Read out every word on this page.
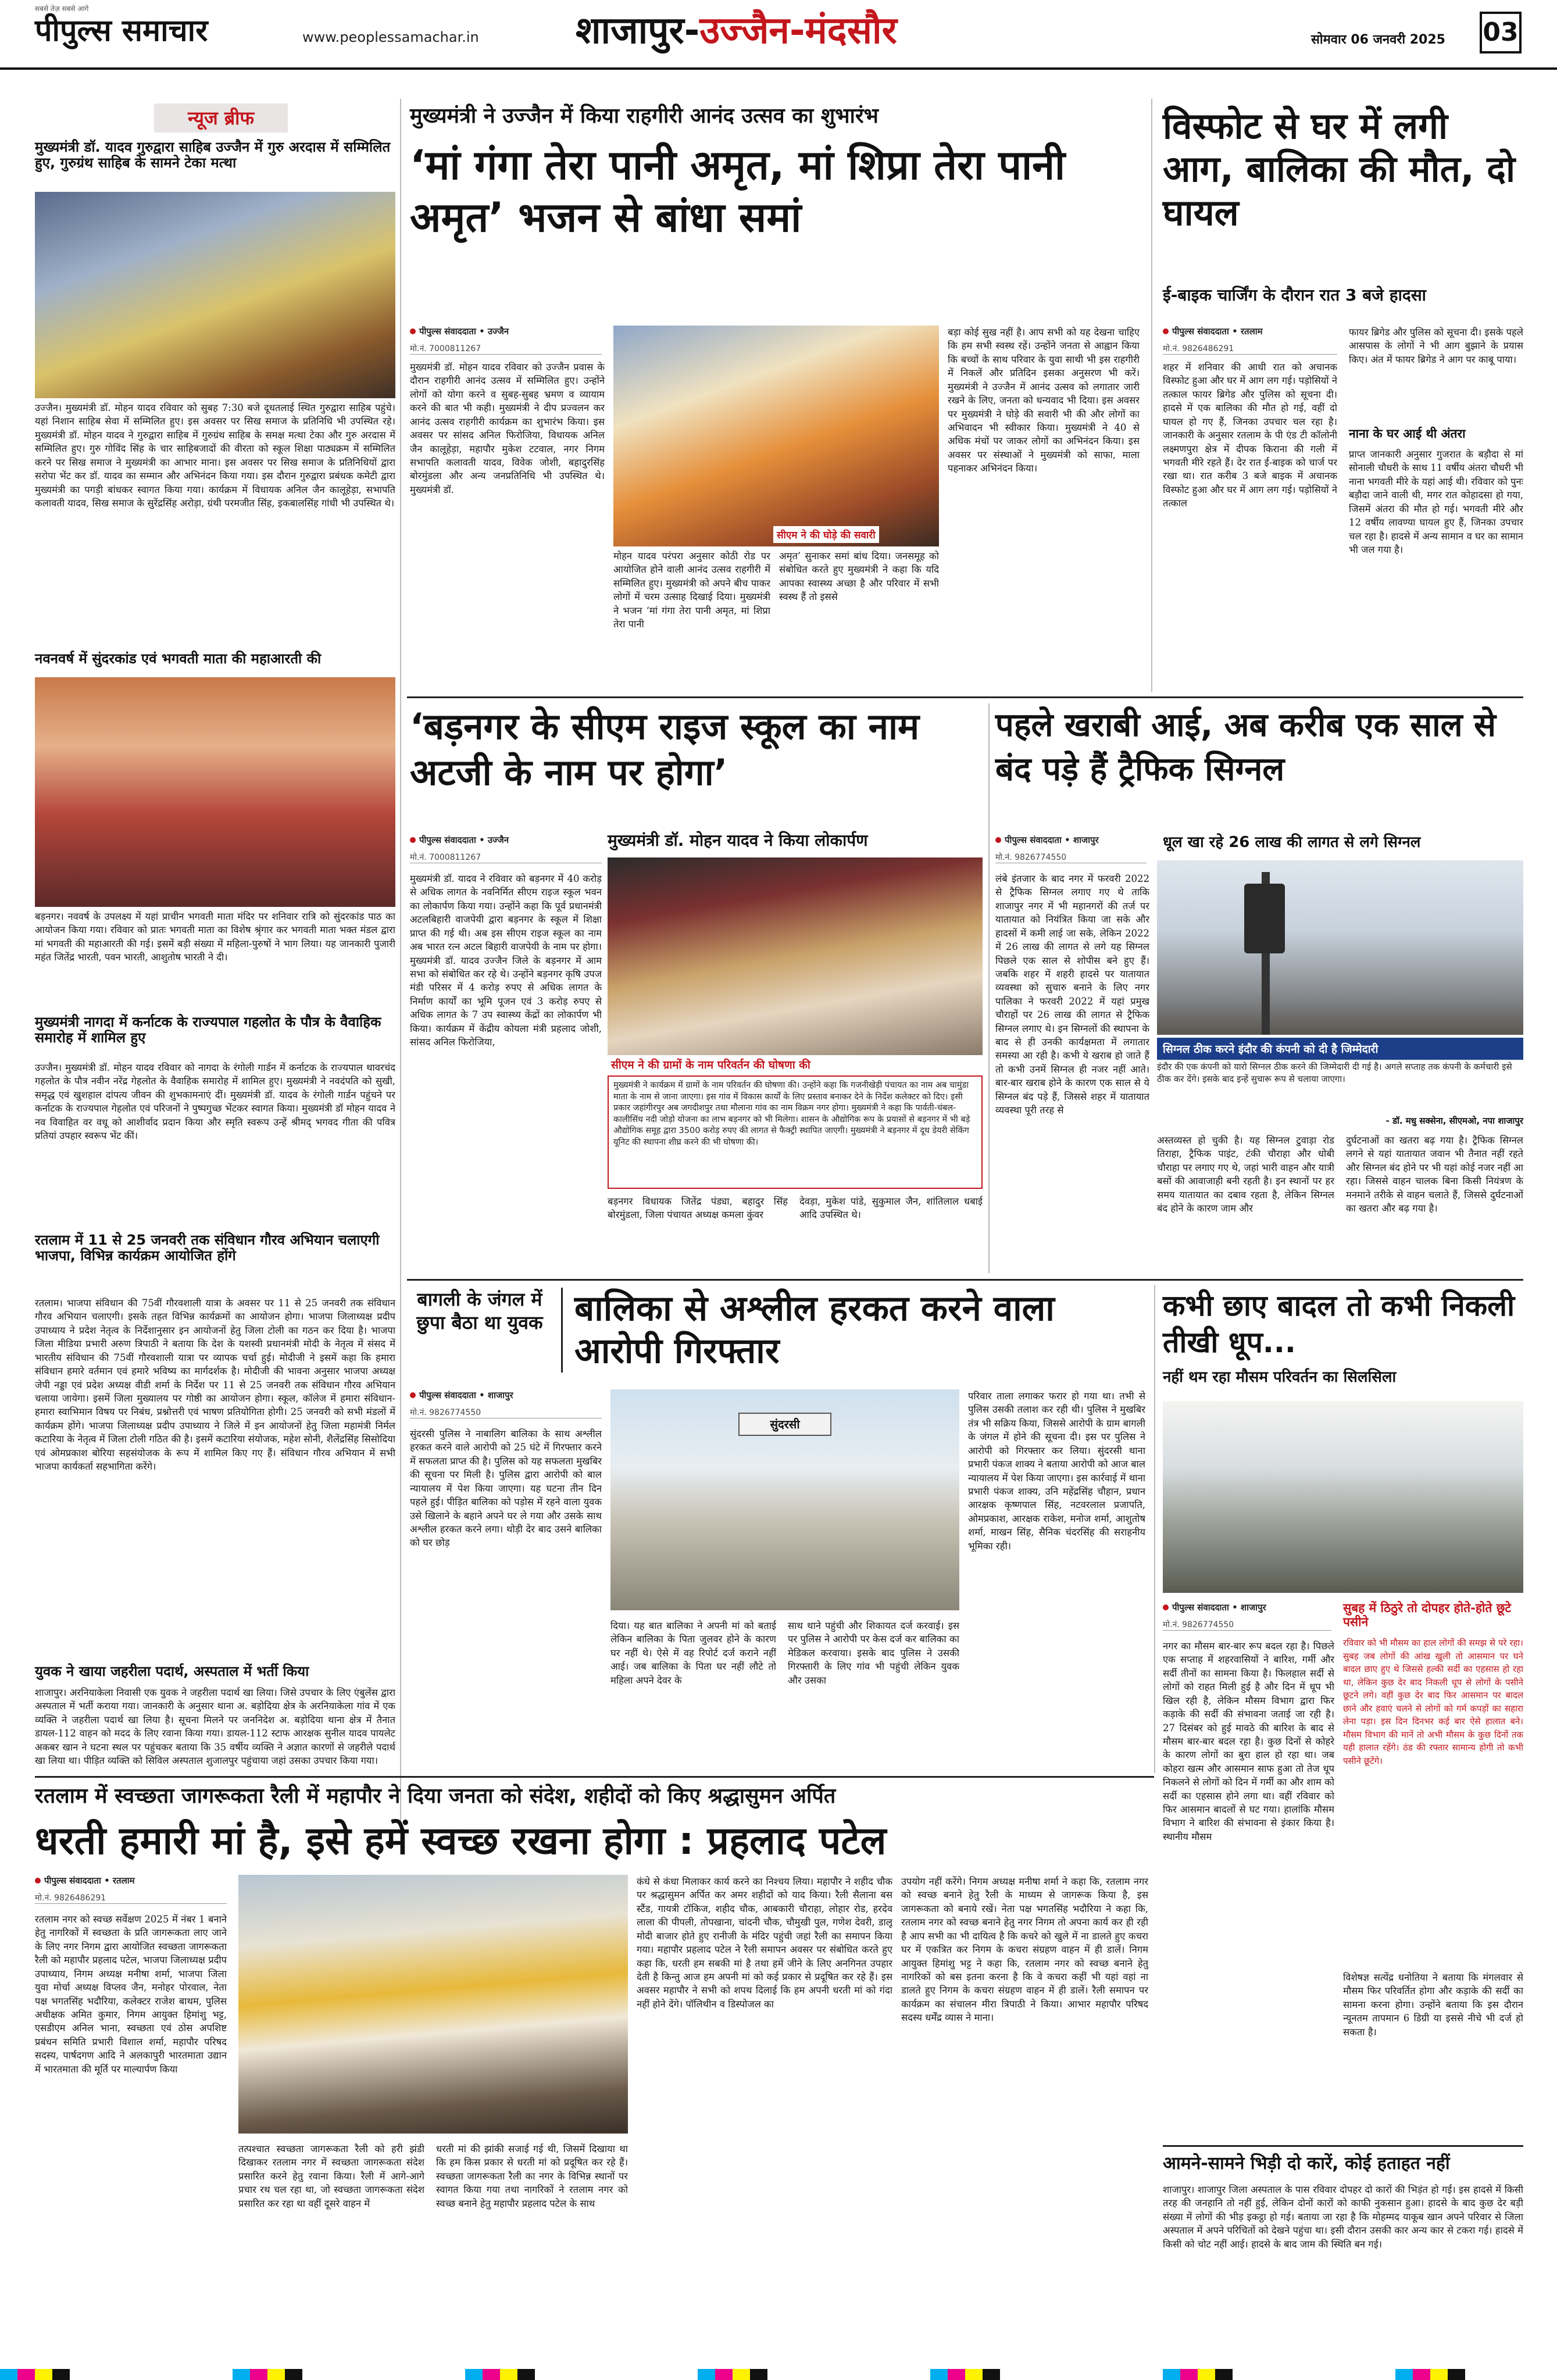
सबसे तेज़ सबसे आगे
पीपुल्स समाचार	www.peoplessamachar.in	शाजापुर-उज्जैन-मंदसौर	सोमवार 06 जनवरी 2025 03
न्यूज ब्रीफ
मुख्यमंत्री डॉ. यादव गुरुद्वारा साहिब उज्जैन में गुरु अरदास में सम्मिलित हुए, गुरुग्रंथ साहिब के सामने टेका मत्था
उज्जैन। मुख्यमंत्री डॉ. मोहन यादव रविवार को सुबह 7:30 बजे दूधतलाई स्थित गुरुद्वारा साहिब पहुंचे। यहां निशान साहिब सेवा में सम्मिलित हुए। इस अवसर पर सिख समाज के प्रतिनिधि भी उपस्थित रहे। मुख्यमंत्री डॉ. मोहन यादव ने गुरुद्वारा साहिब में गुरुग्रंथ साहिब के समक्ष मत्था टेका और गुरु अरदास में सम्मिलित हुए। गुरु गोविंद सिंह के चार साहिबजादों की वीरता को स्कूल शिक्षा पाठ्यक्रम में सम्मिलित करने पर सिख समाज ने मुख्यमंत्री का आभार माना। इस अवसर पर सिख समाज के प्रतिनिधियों द्वारा सरोपा भेंट कर डॉ. यादव का सम्मान और अभिनंदन किया गया। इस दौरान गुरुद्वारा प्रबंधक कमेटी द्वारा मुख्यमंत्री का पगड़ी बांधकर स्वागत किया गया। कार्यक्रम में विधायक अनिल जैन कालूहेड़ा, सभापति कलावती यादव, सिख समाज के सुरेंद्रसिंह अरोड़ा, ग्रंथी परमजीत सिंह, इकबालसिंह गांधी भी उपस्थित थे।
नवनवर्ष में सुंदरकांड एवं भगवती माता की महाआरती की
बड़नगर। नववर्ष के उपलक्ष्य में यहां प्राचीन भगवती माता मंदिर पर शनिवार रात्रि को सुंदरकांड पाठ का आयोजन किया गया। रविवार को प्रातः भगवती माता का विशेष श्रृंगार कर भगवती माता भक्त मंडल द्वारा मां भगवती की महाआरती की गई। इसमें बड़ी संख्या में महिला-पुरुषों ने भाग लिया। यह जानकारी पुजारी महंत जितेंद्र भारती, पवन भारती, आशुतोष भारती ने दी।
मुख्यमंत्री नागदा में कर्नाटक के राज्यपाल गहलोत के पौत्र के वैवाहिक समारोह में शामिल हुए
उज्जैन। मुख्यमंत्री डॉ. मोहन यादव रविवार को नागदा के रंगोली गार्डन में कर्नाटक के राज्यपाल थावरचंद गहलोत के पौत्र नवीन नरेंद्र गेहलोत के वैवाहिक समारोह में शामिल हुए। मुख्यमंत्री ने नवदंपति को सुखी, समृद्ध एवं खुशहाल दांपत्य जीवन की शुभकामनाएं दीं। मुख्यमंत्री डॉ. यादव के रंगोली गार्डन पहुंचने पर कर्नाटक के राज्यपाल गेहलोत एवं परिजनों ने पुष्पगुच्छ भेंटकर स्वागत किया। मुख्यमंत्री डॉ मोहन यादव ने नव विवाहित वर वधू को आशीर्वाद प्रदान किया और स्मृति स्वरूप उन्हें श्रीमद् भगवद गीता की पवित्र प्रतियां उपहार स्वरूप भेंट कीं।
रतलाम में 11 से 25 जनवरी तक संविधान गौरव अभियान चलाएगी भाजपा, विभिन्न कार्यक्रम आयोजित होंगे
रतलाम। भाजपा संविधान की 75वीं गौरवशाली यात्रा के अवसर पर 11 से 25 जनवरी तक संविधान गौरव अभियान चलाएगी। इसके तहत विभिन्न कार्यक्रमों का आयोजन होगा। भाजपा जिलाध्यक्ष प्रदीप उपाध्याय ने प्रदेश नेतृत्व के निर्देशानुसार इन आयोजनों हेतु जिला टोली का गठन कर दिया है। भाजपा जिला मीडिया प्रभारी अरुण त्रिपाठी ने बताया कि देश के यशस्वी प्रधानमंत्री मोदी के नेतृत्व में संसद में भारतीय संविधान की 75वीं गौरवशाली यात्रा पर व्यापक चर्चा हुई। मोदीजी ने इसमें कहा कि हमारा संविधान हमारे वर्तमान एवं हमारे भविष्य का मार्गदर्शक है। मोदीजी की भावना अनुसार भाजपा अध्यक्ष जेपी नड्डा एवं प्रदेश अध्यक्ष वीडी शर्मा के निर्देश पर 11 से 25 जनवरी तक संविधान गौरव अभियान चलाया जायेगा। इसमें जिला मुख्यालय पर गोष्ठी का आयोजन होगा। स्कूल, कॉलेज में हमारा संविधान-हमारा स्वाभिमान विषय पर निबंध, प्रश्नोत्तरी एवं भाषण प्रतियोगिता होगी। 25 जनवरी को सभी मंडलों में कार्यक्रम होंगे। भाजपा जिलाध्यक्ष प्रदीप उपाध्याय ने जिले में इन आयोजनों हेतु जिला महामंत्री निर्मल कटारिया के नेतृत्व में जिला टोली गठित की है। इसमें कटारिया संयोजक, महेश सोनी, शैलेंद्रसिंह सिसोदिया एवं ओमप्रकाश बोरिया सहसंयोजक के रूप में शामिल किए गए हैं। संविधान गौरव अभियान में सभी भाजपा कार्यकर्ता सहभागिता करेंगे।
युवक ने खाया जहरीला पदार्थ, अस्पताल में भर्ती किया
शाजापुर। अरनियाकेला निवासी एक युवक ने जहरीला पदार्थ खा लिया। जिसे उपचार के लिए एंबुलेंस द्वारा अस्पताल में भर्ती कराया गया। जानकारी के अनुसार थाना अ. बड़ोदिया क्षेत्र के अरनियाकेला गांव में एक व्यक्ति ने जहरीला पदार्थ खा लिया है। सूचना मिलने पर जननिदेश अ. बड़ोदिया थाना क्षेत्र में तैनात डायल-112 वाहन को मदद के लिए रवाना किया गया। डायल-112 स्टाफ आरक्षक सुनील यादव पायलेट अकबर खान ने घटना स्थल पर पहुंचकर बताया कि 35 वर्षीय व्यक्ति ने अज्ञात कारणों से जहरीले पदार्थ खा लिया था। पीड़ित व्यक्ति को सिविल अस्पताल शुजालपुर पहुंचाया जहां उसका उपचार किया गया।
मुख्यमंत्री ने उज्जैन में किया राहगीरी आनंद उत्सव का शुभारंभ
‘मां गंगा तेरा पानी अमृत, मां शिप्रा तेरा पानी अमृत’ भजन से बांधा समां
पीपुल्स संवाददाता • उज्जैन
मो.नं. 7000811267
मुख्यमंत्री डॉ. मोहन यादव रविवार को उज्जैन प्रवास के दौरान राहगीरी आनंद उत्सव में सम्मिलित हुए। उन्होंने लोगों को योगा करने व सुबह-सुबह भ्रमण व व्यायाम करने की बात भी कही। मुख्यमंत्री ने दीप प्रज्वलन कर आनंद उत्सव राहगीरी कार्यक्रम का शुभारंभ किया। इस अवसर पर सांसद अनिल फिरोजिया, विधायक अनिल जैन कालूहेड़ा, महापौर मुकेश टटवाल, नगर निगम सभापति कलावती यादव, विवेक जोशी, बहादुरसिंह बोरमुंडला और अन्य जनप्रतिनिधि भी उपस्थित थे। मुख्यमंत्री डॉ.
सीएम ने की घोड़े की सवारी
मोहन यादव परंपरा अनुसार कोठी रोड पर आयोजित होने वाली आनंद उत्सव राहगीरी में सम्मिलित हुए। मुख्यमंत्री को अपने बीच पाकर लोगों में चरम उत्साह दिखाई दिया। मुख्यमंत्री ने भजन ‘मां गंगा तेरा पानी अमृत, मां शिप्रा तेरा पानी
अमृत’ सुनाकर समां बांध दिया। जनसमूह को संबोधित करते हुए मुख्यमंत्री ने कहा कि यदि आपका स्वास्थ्य अच्छा है और परिवार में सभी स्वस्थ हैं तो इससे
बड़ा कोई सुख नहीं है। आप सभी को यह देखना चाहिए कि हम सभी स्वस्थ रहें। उन्होंने जनता से आह्वान किया कि बच्चों के साथ परिवार के युवा साथी भी इस राहगीरी में निकलें और प्रतिदिन इसका अनुसरण भी करें। मुख्यमंत्री ने उज्जैन में आनंद उत्सव को लगातार जारी रखने के लिए, जनता को धन्यवाद भी दिया। इस अवसर पर मुख्यमंत्री ने घोड़े की सवारी भी की और लोगों का अभिवादन भी स्वीकार किया। मुख्यमंत्री ने 40 से अधिक मंचों पर जाकर लोगों का अभिनंदन किया। इस अवसर पर संस्थाओं ने मुख्यमंत्री को साफा, माला पहनाकर अभिनंदन किया।
विस्फोट से घर में लगी आग, बालिका की मौत, दो घायल
ई-बाइक चार्जिंग के दौरान रात 3 बजे हादसा
पीपुल्स संवाददाता • रतलाम
मो.नं. 9826486291
शहर में शनिवार की आधी रात को अचानक विस्फोट हुआ और घर में आग लग गई। पड़ोसियों ने तत्काल फायर ब्रिगेड और पुलिस को सूचना दी। हादसे में एक बालिका की मौत हो गई, वहीं दो घायल हो गए हैं, जिनका उपचार चल रहा है। जानकारी के अनुसार रतलाम के पी एंड टी कॉलोनी लक्ष्मणपुरा क्षेत्र में दीपक किराना की गली में भगवती मीरे रहते हैं। देर रात ई-बाइक को चार्ज पर रखा था। रात करीब 3 बजे बाइक में अचानक विस्फोट हुआ और घर में आग लग गई। पड़ोसियों ने तत्काल
फायर ब्रिगेड और पुलिस को सूचना दी। इसके पहले आसपास के लोगों ने भी आग बुझाने के प्रयास किए। अंत में फायर ब्रिगेड ने आग पर काबू पाया।
नाना के घर आई थी अंतरा
प्राप्त जानकारी अनुसार गुजरात के बड़ौदा से मां सोनाली चौधरी के साथ 11 वर्षीय अंतरा चौधरी भी नाना भगवती मीरे के यहां आई थी। रविवार को पुनः बड़ौदा जाने वाली थी, मगर रात कोहादसा हो गया, जिसमें अंतरा की मौत हो गई। भगवती मीरे और 12 वर्षीय लावण्या घायल हुए हैं, जिनका उपचार चल रहा है। हादसे में अन्य सामान व घर का सामान भी जल गया है।
‘बड़नगर के सीएम राइज स्कूल का नाम अटजी के नाम पर होगा’
मुख्यमंत्री डॉ. मोहन यादव ने किया लोकार्पण
पीपुल्स संवाददाता • उज्जैन
मो.नं. 7000811267
मुख्यमंत्री डॉ. यादव ने रविवार को बड़नगर में 40 करोड़ से अधिक लागत के नवनिर्मित सीएम राइज स्कूल भवन का लोकार्पण किया गया। उन्होंने कहा कि पूर्व प्रधानमंत्री अटलबिहारी वाजपेयी द्वारा बड़नगर के स्कूल में शिक्षा प्राप्त की गई थी। अब इस सीएम राइज स्कूल का नाम अब भारत रत्न अटल बिहारी वाजपेयी के नाम पर होगा। मुख्यमंत्री डॉ. यादव उज्जैन जिले के बड़नगर में आम सभा को संबोधित कर रहे थे। उन्होंने बड़नगर कृषि उपज मंडी परिसर में 4 करोड़ रुपए से अधिक लागत के निर्माण कार्यों का भूमि पूजन एवं 3 करोड़ रुपए से अधिक लागत के 7 उप स्वास्थ्य केंद्रों का लोकार्पण भी किया। कार्यक्रम में केंद्रीय कोयला मंत्री प्रहलाद जोशी, सांसद अनिल फिरोजिया,
सीएम ने की ग्रामों के नाम परिवर्तन की घोषणा की
मुख्यमंत्री ने कार्यक्रम में ग्रामों के नाम परिवर्तन की घोषणा की। उन्होंने कहा कि गजनीखेड़ी पंचायत का नाम अब चामुंडा माता के नाम से जाना जाएगा। इस गांव में विकास कार्यों के लिए प्रस्ताव बनाकर देने के निर्देश कलेक्टर को दिए। इसी प्रकार जहांगीरपुर अब जगदीशपुर तथा मौलाना गांव का नाम विक्रम नगर होगा। मुख्यमंत्री ने कहा कि पार्वती-चंबल-कालीसिंध नदी जोड़ो योजना का लाभ बड़नगर को भी मिलेगा। शासन के औद्योगिक रूप के प्रयासों से बड़नगर में भी बड़े औद्योगिक समूह द्वारा 3500 करोड़ रुपए की लागत से फैक्ट्री स्थापित जाएगी। मुख्यमंत्री ने बड़नगर में दूध डेयरी सेकिंग यूनिट की स्थापना शीघ्र करने की भी घोषणा की।
बड़नगर विधायक जितेंद्र पंड्या, बहादुर सिंह बोरमुंडला, जिला पंचायत अध्यक्ष कमला कुंवर
देवड़ा, मुकेश पांडे, सुकुमाल जैन, शांतिलाल धबाई आदि उपस्थित थे।
पहले खराबी आई, अब करीब एक साल से बंद पड़े हैं ट्रैफिक सिग्नल
पीपुल्स संवाददाता • शाजापुर
मो.नं. 9826774550
धूल खा रहे 26 लाख की लागत से लगे सिग्नल
लंबे इंतजार के बाद नगर में फरवरी 2022 से ट्रैफिक सिग्नल लगाए गए थे ताकि शाजापुर नगर में भी महानगरों की तर्ज पर यातायात को नियंत्रित किया जा सके और हादसों में कमी लाई जा सके, लेकिन 2022 में 26 लाख की लागत से लगे यह सिग्नल पिछले एक साल से शोपीस बने हुए हैं। जबकि शहर में शहरी हादसे पर यातायात व्यवस्था को सुचारु बनाने के लिए नगर पालिका ने फरवरी 2022 में यहां प्रमुख चौराहों पर 26 लाख की लागत से ट्रैफिक सिग्नल लगाए थे। इन सिग्नलों की स्थापना के बाद से ही उनकी कार्यक्षमता में लगातार समस्या आ रही है। कभी ये खराब हो जाते हैं तो कभी उनमें सिग्नल ही नजर नहीं आते। बार-बार खराब होने के कारण एक साल से ये सिग्नल बंद पड़े हैं, जिससे शहर में यातायात व्यवस्था पूरी तरह से
सिग्नल ठीक करने इंदौर की कंपनी को दी है जिम्मेदारी
इंदौर की एक कंपनी को यारो सिग्नल ठीक करने की जिम्मेदारी दी गई है। अगले सप्ताह तक कंपनी के कर्मचारी इसे ठीक कर देंगे। इसके बाद इन्हें सुचारू रूप से चलाया जाएगा।
- डॉ. मधु सक्सेना, सीएमओ, नपा शाजापुर
अस्तव्यस्त हो चुकी है। यह सिग्नल टुवाड़ा रोड तिराहा, ट्रैफिक पाइंट, टंकी चौराहा और धोबी चौराहा पर लगाए गए थे, जहां भारी वाहन और यात्री बसों की आवाजाही बनी रहती है। इन स्थानों पर हर समय यातायात का दबाव रहता है, लेकिन सिग्नल बंद होने के कारण जाम और
दुर्घटनाओं का खतरा बढ़ गया है। ट्रैफिक सिग्नल लगने से यहां यातायात जवान भी तैनात नहीं रहते और सिग्नल बंद होने पर भी यहां कोई नजर नहीं आ रहा। जिससे वाहन चालक बिना किसी नियंत्रण के मनमाने तरीके से वाहन चलाते हैं, जिससे दुर्घटनाओं का खतरा और बढ़ गया है।
बागली के जंगल में छुपा बैठा था युवक बालिका से अश्लील हरकत करने वाला आरोपी गिरफ्तार
पीपुल्स संवाददाता • शाजापुर
मो.नं. 9826774550
सुंदरसी पुलिस ने नाबालिग बालिका के साथ अश्लील हरकत करने वाले आरोपी को 25 घंटे में गिरफ्तार करने में सफलता प्राप्त की है। पुलिस को यह सफलता मुखबिर की सूचना पर मिली है। पुलिस द्वारा आरोपी को बाल न्यायालय में पेश किया जाएगा। यह घटना तीन दिन पहले हुई। पीड़ित बालिका को पड़ोस में रहने वाला युवक उसे खिलाने के बहाने अपने घर ले गया और उसके साथ अश्लील हरकत करने लगा। थोड़ी देर बाद उसने बालिका को घर छोड़
सुंदरसी
दिया। यह बात बालिका ने अपनी मां को बताई लेकिन बालिका के पिता जुलवर होने के कारण घर नहीं थे। ऐसे में वह रिपोर्ट दर्ज कराने नहीं आई। जब बालिका के पिता घर नहीं लौटे तो महिला अपने देवर के
साथ थाने पहुंची और शिकायत दर्ज करवाई। इस पर पुलिस ने आरोपी पर केस दर्ज कर बालिका का मेडिकल करवाया। इसके बाद पुलिस ने उसकी गिरफ्तारी के लिए गांव भी पहुंची लेकिन युवक और उसका
परिवार ताला लगाकर फरार हो गया था। तभी से पुलिस उसकी तलाश कर रही थी। पुलिस ने मुखबिर तंत्र भी सक्रिय किया, जिससे आरोपी के ग्राम बागली के जंगल में होने की सूचना दी। इस पर पुलिस ने आरोपी को गिरफ्तार कर लिया। सुंदरसी थाना प्रभारी पंकज शाक्य ने बताया आरोपी को आज बाल न्यायालय में पेश किया जाएगा। इस कार्रवाई में थाना प्रभारी पंकज शाक्य, उनि महेंद्रसिंह चौहान, प्रधान आरक्षक कृष्णपाल सिंह, नटवरलाल प्रजापति, ओमप्रकाश, आरक्षक राकेश, मनोज शर्मा, आशुतोष शर्मा, माखन सिंह, सैनिक चंदरसिंह की सराहनीय भूमिका रही।
कभी छाए बादल तो कभी निकली तीखी धूप...
नहीं थम रहा मौसम परिवर्तन का सिलसिला
पीपुल्स संवाददाता • शाजापुर
मो.नं. 9826774550
नगर का मौसम बार-बार रूप बदल रहा है। पिछले एक सप्ताह में शहरवासियों ने बारिश, गर्मी और सर्दी तीनों का सामना किया है। फिलहाल सर्दी से लोगों को राहत मिली हुई है और दिन में धूप भी खिल रही है, लेकिन मौसम विभाग द्वारा फिर कड़ाके की सर्दी की संभावना जताई जा रही है। 27 दिसंबर को हुई मावठे की बारिश के बाद से मौसम बार-बार बदल रहा है। कुछ दिनों से कोहरे के कारण लोगों का बुरा हाल हो रहा था। जब कोहरा खत्म और आसमान साफ हुआ तो तेज धूप निकलने से लोगों को दिन में गर्मी का और शाम को सर्दी का एहसास होने लगा था। वहीं रविवार को फिर आसमान बादलों से घट गया। हालांकि मौसम विभाग ने बारिश की संभावना से इंकार किया है। स्थानीय मौसम
सुबह में ठिठुरे तो दोपहर होते-होते छूटे पसीने
रविवार को भी मौसम का हाल लोगों की समझ से परे रहा। सुबह जब लोगों की आंख खुली तो आसमान पर घने बादल छाए हुए थे जिससे हल्की सर्दी का एहसास हो रहा था, लेकिन कुछ देर बाद निकली धूप से लोगों के पसीने छूटने लगे। वहीं कुछ देर बाद फिर आसमान पर बादल छाने और हवाएं चलने से लोगों को गर्म कपड़ों का सहारा लेना पड़ा। इस दिन दिनभर कई बार ऐसे हालात बने। मौसम विभाग की मानें तो अभी मौसम के कुछ दिनों तक यही हालात रहेंगे। ठंड की रफ्तार सामान्य होगी तो कभी पसीने छूटेंगे।
विशेषज्ञ सत्येंद्र धनोतिया ने बताया कि मंगलवार से मौसम फिर परिवर्तित होगा और कड़ाके की सर्दी का सामना करना होगा। उन्होंने बताया कि इस दौरान न्यूनतम तापमान 6 डिग्री या इससे नीचे भी दर्ज हो सकता है।
रतलाम में स्वच्छता जागरूकता रैली में महापौर ने दिया जनता को संदेश, शहीदों को किए श्रद्धासुमन अर्पित
धरती हमारी मां है, इसे हमें स्वच्छ रखना होगा : प्रहलाद पटेल
पीपुल्स संवाददाता • रतलाम
मो.नं. 9826486291
रतलाम नगर को स्वच्छ सर्वेक्षण 2025 में नंबर 1 बनाने हेतु नागरिकों में स्वच्छता के प्रति जागरूकता लाए जाने के लिए नगर निगम द्वारा आयोजित स्वच्छता जागरूकता रैली को महापौर प्रहलाद पटेल, भाजपा जिलाध्यक्ष प्रदीप उपाध्याय, निगम अध्यक्ष मनीषा शर्मा, भाजपा जिला युवा मोर्चा अध्यक्ष विप्लव जैन, मनोहर पोरवाल, नेता पक्ष भगतसिंह भदौरिया, कलेक्टर राजेश बाथम, पुलिस अधीक्षक अमित कुमार, निगम आयुक्त हिमांशु भट्ट, एसडीएम अनिल भाना, स्वच्छता एवं ठोस अपशिष्ट प्रबंधन समिति प्रभारी विशाल शर्मा, महापौर परिषद सदस्य, पार्षदगण आदि ने अलकापुरी भारतमाता उद्यान में भारतमाता की मूर्ति पर माल्यार्पण किया
तत्पश्चात स्वच्छता जागरूकता रैली को हरी झंडी दिखाकर रतलाम नगर में स्वच्छता जागरूकता संदेश प्रसारित करने हेतु रवाना किया। रैली में आगे-आगे प्रचार रथ चल रहा था, जो स्वच्छता जागरूकता संदेश प्रसारित कर रहा था वहीं दूसरे वाहन में
धरती मां की झांकी सजाई गई थी, जिसमें दिखाया था कि हम किस प्रकार से धरती मां को प्रदूषित कर रहे हैं। स्वच्छता जागरूकता रैली का नगर के विभिन्न स्थानों पर स्वागत किया गया तथा नागरिकों ने रतलाम नगर को स्वच्छ बनाने हेतु महापौर प्रहलाद पटेल के साथ
कंधे से कंधा मिलाकर कार्य करने का निश्चय लिया। महापौर ने शहीद चौक पर श्रद्धासुमन अर्पित कर अमर शहीदों को याद किया। रैली सैलाना बस स्टैंड, गायत्री टॉकिज, शहीद चौक, आबकारी चौराहा, लोहार रोड, हरदेव लाला की पीपली, तोपखाना, चांदनी चौक, चौमुखी पुल, गणेश देवरी, डालू मोदी बाजार होते हुए रानीजी के मंदिर पहुंची जहां रैली का समापन किया गया। महापौर प्रहलाद पटेल ने रैली समापन अवसर पर संबोधित करते हुए कहा कि, धरती हम सबकी मां है तथा हमें जीने के लिए अनगिनत उपहार देती है किन्तु आज हम अपनी मां को कई प्रकार से प्रदूषित कर रहे हैं। इस अवसर महापौर ने सभी को शपथ दिलाई कि हम अपनी धरती मां को गंदा नहीं होने देंगे। पॉलिथीन व डिस्पोजल का
उपयोग नहीं करेंगे। निगम अध्यक्ष मनीषा शर्मा ने कहा कि, रतलाम नगर को स्वच्छ बनाने हेतु रैली के माध्यम से जागरूक किया है, इस जागरूकता को बनाये रखें। नेता पक्ष भगतसिंह भदौरिया ने कहा कि, रतलाम नगर को स्वच्छ बनाने हेतु नगर निगम तो अपना कार्य कर ही रही है आप सभी का भी दायित्व है कि कचरे को खुले में ना डालते हुए कचरा घर में एकत्रित कर निगम के कचरा संग्रहण वाहन में ही डालें। निगम आयुक्त हिमांशु भट्ट ने कहा कि, रतलाम नगर को स्वच्छ बनाने हेतु नागरिकों को बस इतना करना है कि वे कचरा कहीं भी यहां वहां ना डालते हुए निगम के कचरा संग्रहण वाहन में ही डालें। रैली समापन पर कार्यक्रम का संचालन मीरा त्रिपाठी ने किया। आभार महापौर परिषद सदस्य धर्मेंद्र व्यास ने माना।
आमने-सामने भिड़ी दो कारें, कोई हताहत नहीं
शाजापुर। शाजापुर जिला अस्पताल के पास रविवार दोपहर दो कारों की भिड़ंत हो गई। इस हादसे में किसी तरह की जनहानि तो नहीं हुई, लेकिन दोनों कारों को काफी नुकसान हुआ। हादसे के बाद कुछ देर बड़ी संख्या में लोगों की भीड़ इकट्ठा हो गई। बताया जा रहा है कि मोहम्मद याकूब खान अपने परिवार से जिला अस्पताल में अपने परिचितों को देखने पहुंचा था। इसी दौरान उसकी कार अन्य कार से टकरा गई। हादसे में किसी को चोट नहीं आई। हादसे के बाद जाम की स्थिति बन गई।
